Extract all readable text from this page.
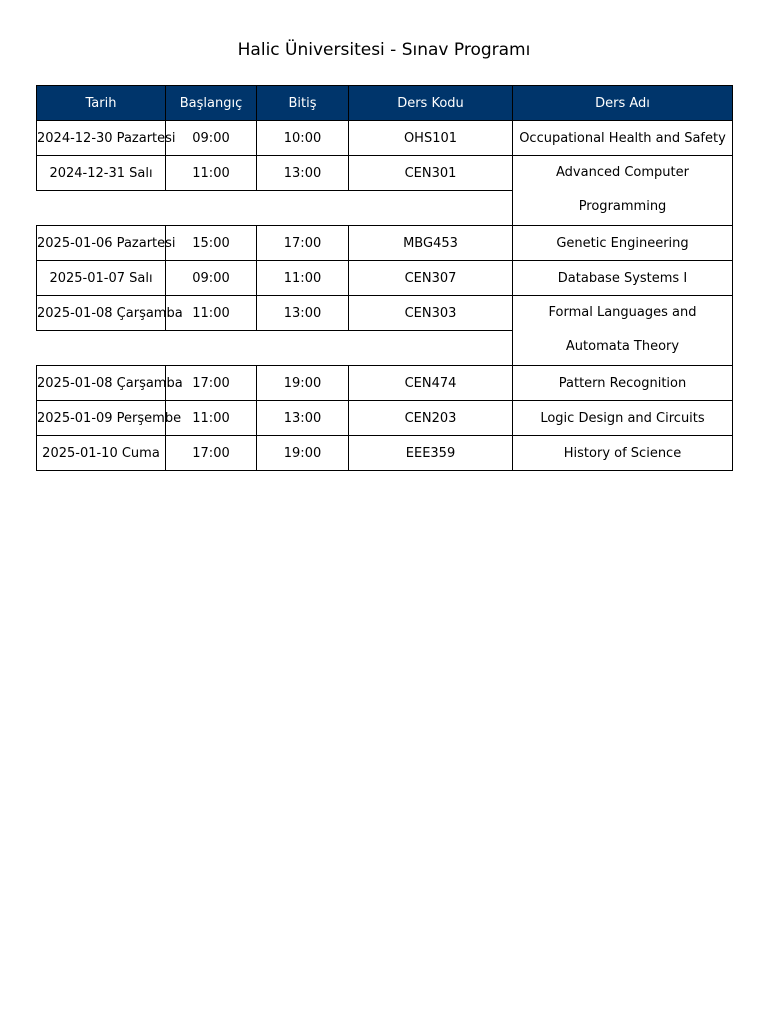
Halic Üniversitesi - Sınav Programı
Tarih	Başlangıç	Bitiş	Ders Kodu	Ders Adı
2024-12-30 Pazartesi	09:00	10:00	OHS101	Occupational Health and Safety
2024-12-31 Salı	11:00	13:00	CEN301	Advanced Computer
Programming

2025-01-06 Pazartesi	15:00	17:00	MBG453	Genetic Engineering
2025-01-07 Salı	09:00	11:00	CEN307	Database Systems I
2025-01-08 Çarşamba	11:00	13:00	CEN303	Formal Languages and
Automata Theory

2025-01-08 Çarşamba	17:00	19:00	CEN474	Pattern Recognition
2025-01-09 Perşembe	11:00	13:00	CEN203	Logic Design and Circuits
2025-01-10 Cuma	17:00	19:00	EEE359	History of Science
